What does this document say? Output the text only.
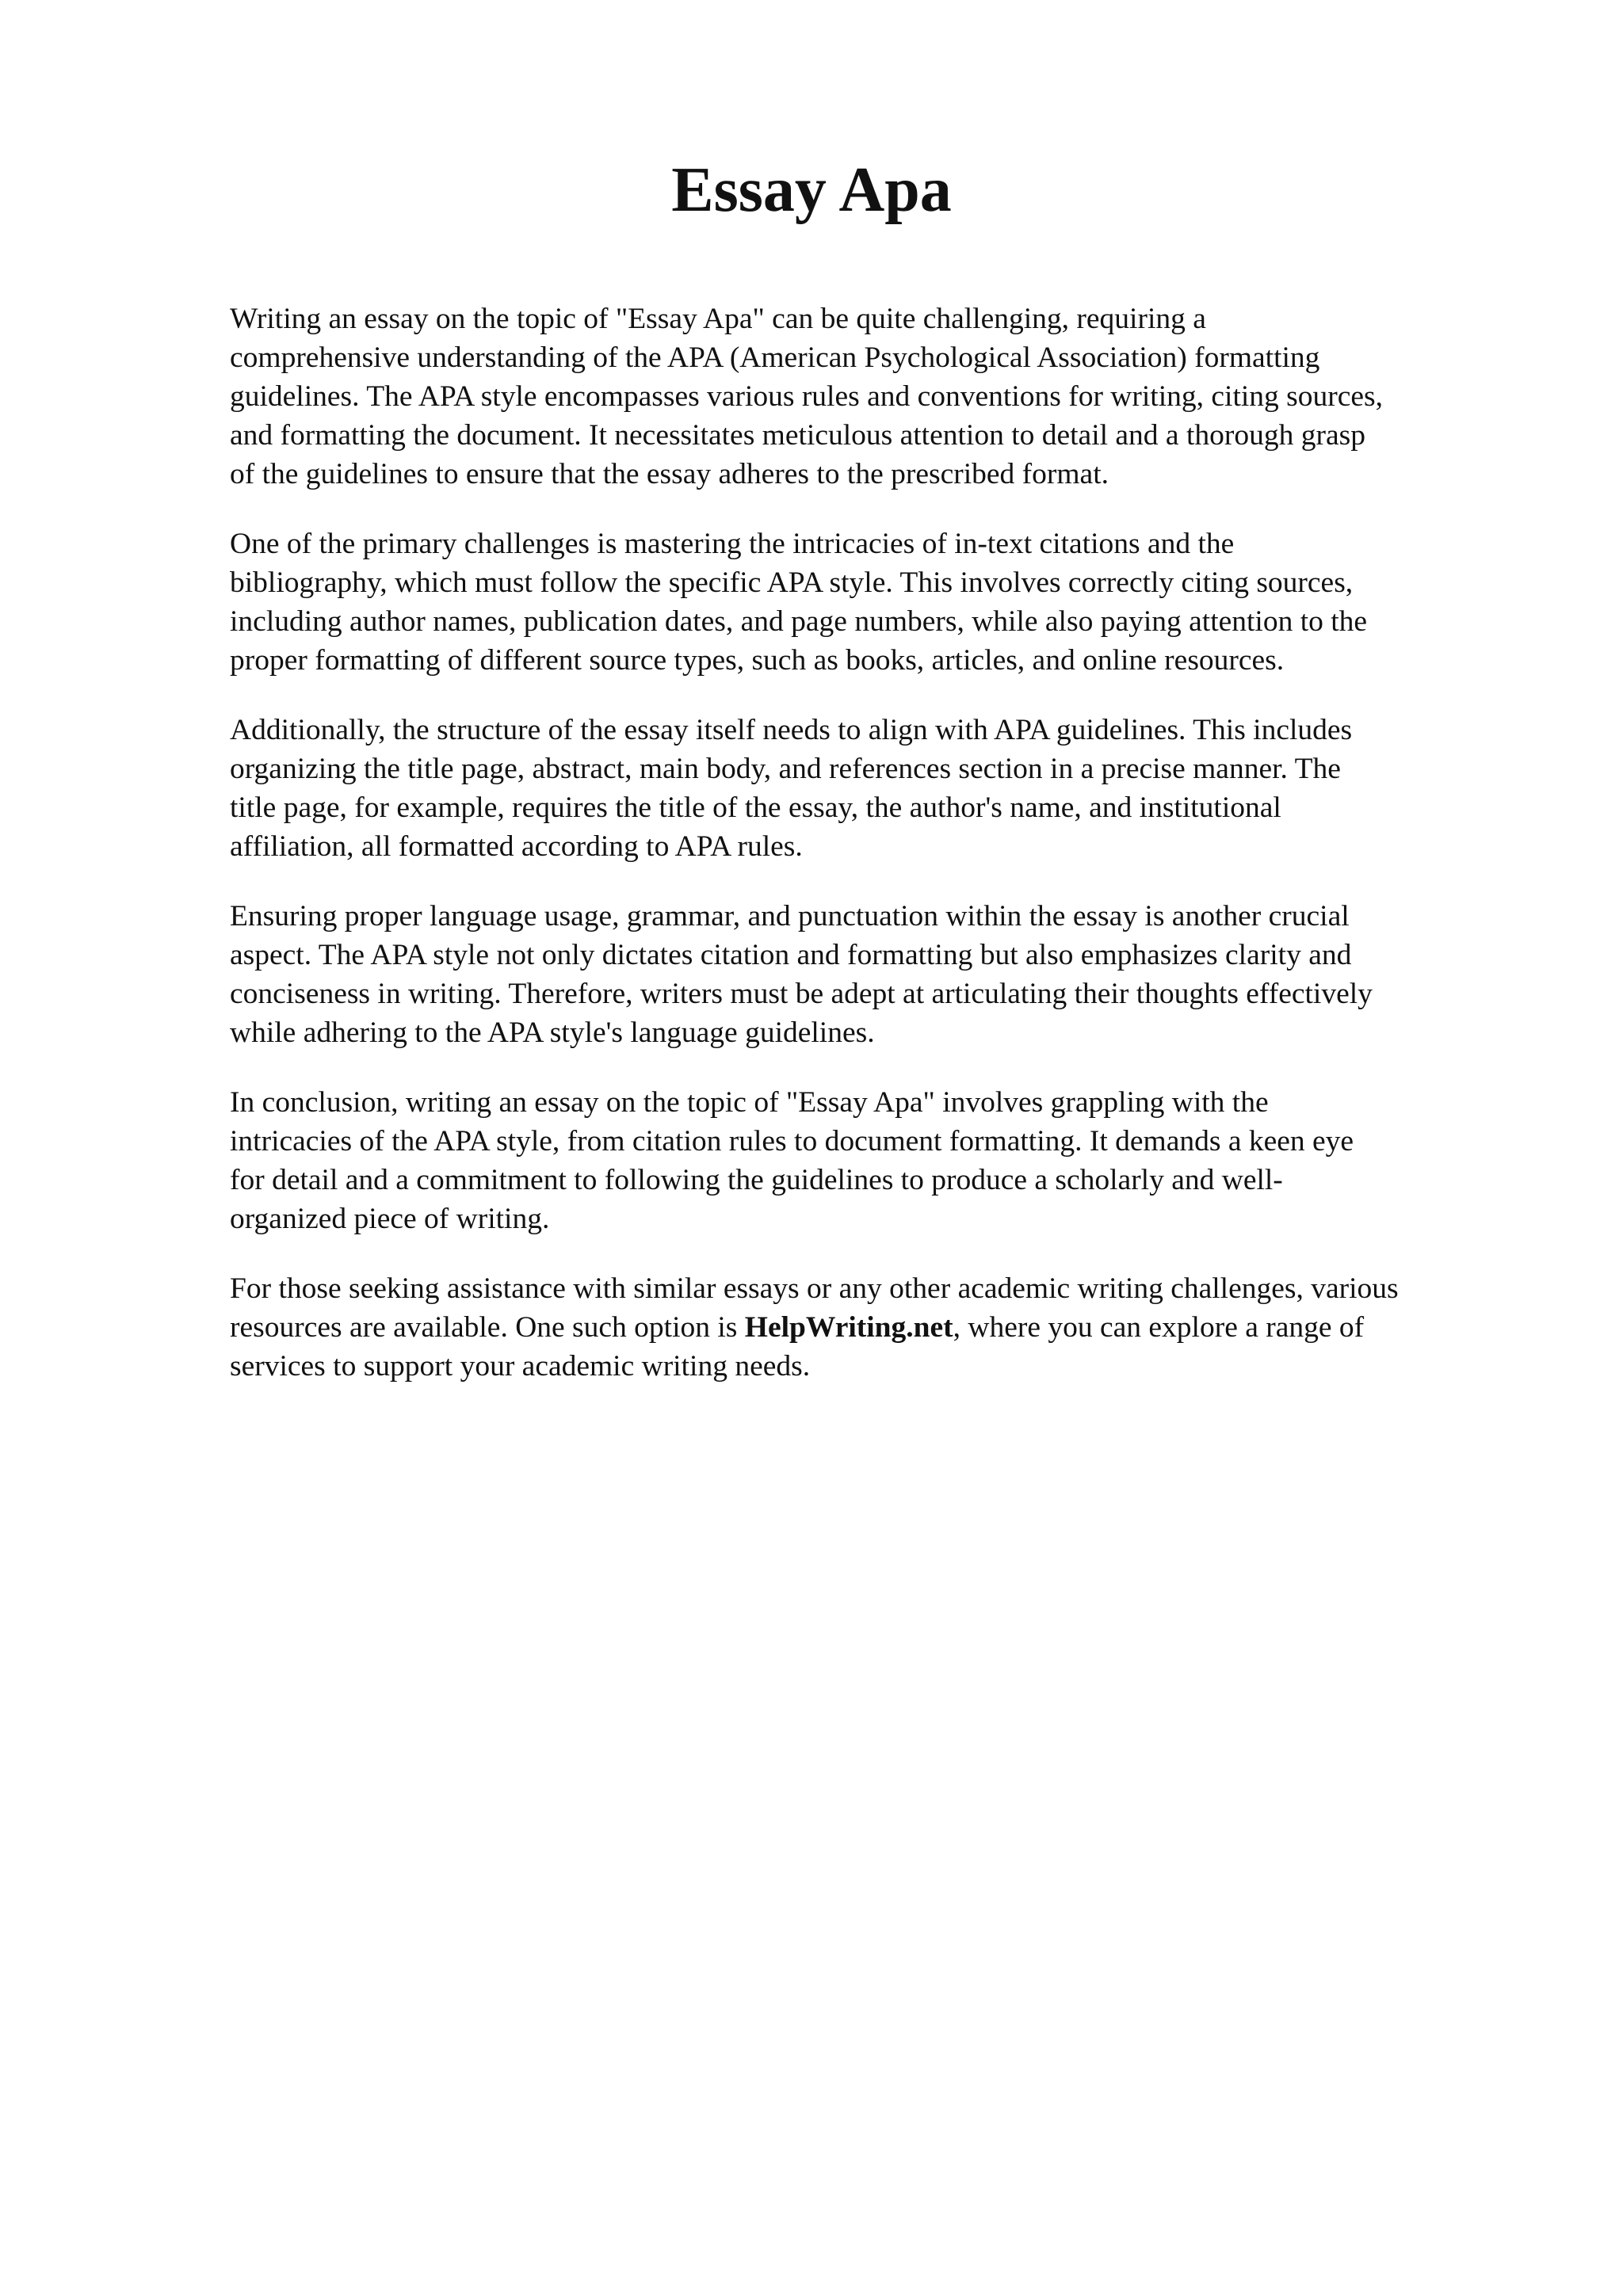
Essay Apa

Writing an essay on the topic of "Essay Apa" can be quite challenging, requiring a
comprehensive understanding of the APA (American Psychological Association) formatting
guidelines. The APA style encompasses various rules and conventions for writing, citing sources,
and formatting the document. It necessitates meticulous attention to detail and a thorough grasp
of the guidelines to ensure that the essay adheres to the prescribed format.

One of the primary challenges is mastering the intricacies of in-text citations and the
bibliography, which must follow the specific APA style. This involves correctly citing sources,
including author names, publication dates, and page numbers, while also paying attention to the
proper formatting of different source types, such as books, articles, and online resources.

Additionally, the structure of the essay itself needs to align with APA guidelines. This includes
organizing the title page, abstract, main body, and references section in a precise manner. The
title page, for example, requires the title of the essay, the author's name, and institutional
affiliation, all formatted according to APA rules.

Ensuring proper language usage, grammar, and punctuation within the essay is another crucial
aspect. The APA style not only dictates citation and formatting but also emphasizes clarity and
conciseness in writing. Therefore, writers must be adept at articulating their thoughts effectively
while adhering to the APA style's language guidelines.

In conclusion, writing an essay on the topic of "Essay Apa" involves grappling with the
intricacies of the APA style, from citation rules to document formatting. It demands a keen eye
for detail and a commitment to following the guidelines to produce a scholarly and well-
organized piece of writing.

For those seeking assistance with similar essays or any other academic writing challenges, various
resources are available. One such option is HelpWriting.net, where you can explore a range of
services to support your academic writing needs.
